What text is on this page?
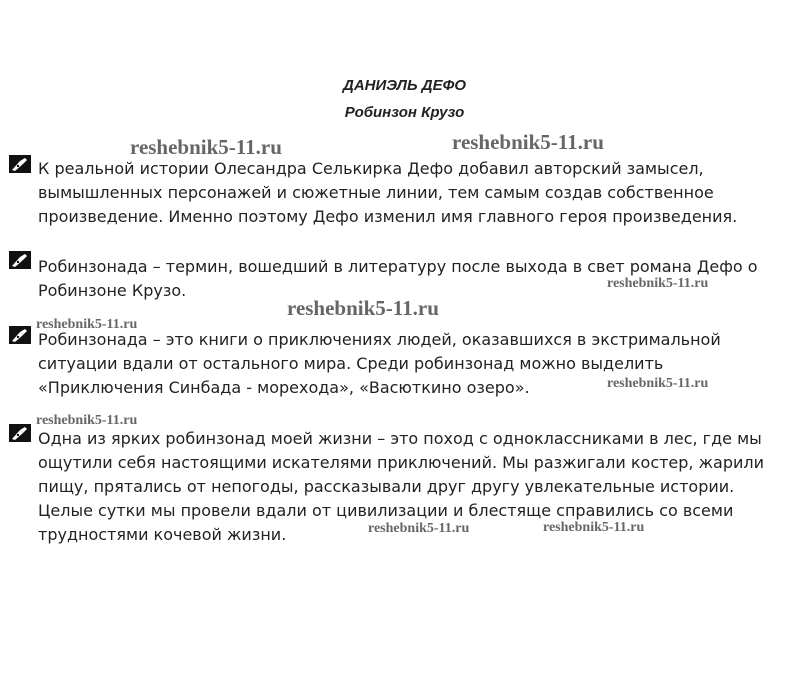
ДАНИЭЛЬ ДЕФО
Робинзон Крузо

К реальной истории Олесандра Селькирка Дефо добавил авторский замысел, вымышленных персонажей и сюжетные линии, тем самым создав собственное произведение. Именно поэтому Дефо изменил имя главного героя произведения.

Робинзонада – термин, вошедший в литературу после выхода в свет романа Дефо о Робинзоне Крузо.

Робинзонада – это книги о приключениях людей, оказавшихся в экстримальной ситуации вдали от остального мира. Среди робинзонад можно выделить «Приключения Синбада - морехода», «Васюткино озеро».

Одна из ярких робинзонад моей жизни – это поход с одноклассниками в лес, где мы ощутили себя настоящими искателями приключений. Мы разжигали костер, жарили пищу, прятались от непогоды, рассказывали друг другу увлекательные истории. Целые сутки мы провели вдали от цивилизации и блестяще справились со всеми трудностями кочевой жизни.

reshebnik5-11.ru	reshebnik5-11.ru
reshebnik5-11.ru
reshebnik5-11.ru
reshebnik5-11.ru
reshebnik5-11.ru
reshebnik5-11.ru
reshebnik5-11.ru	reshebnik5-11.ru
